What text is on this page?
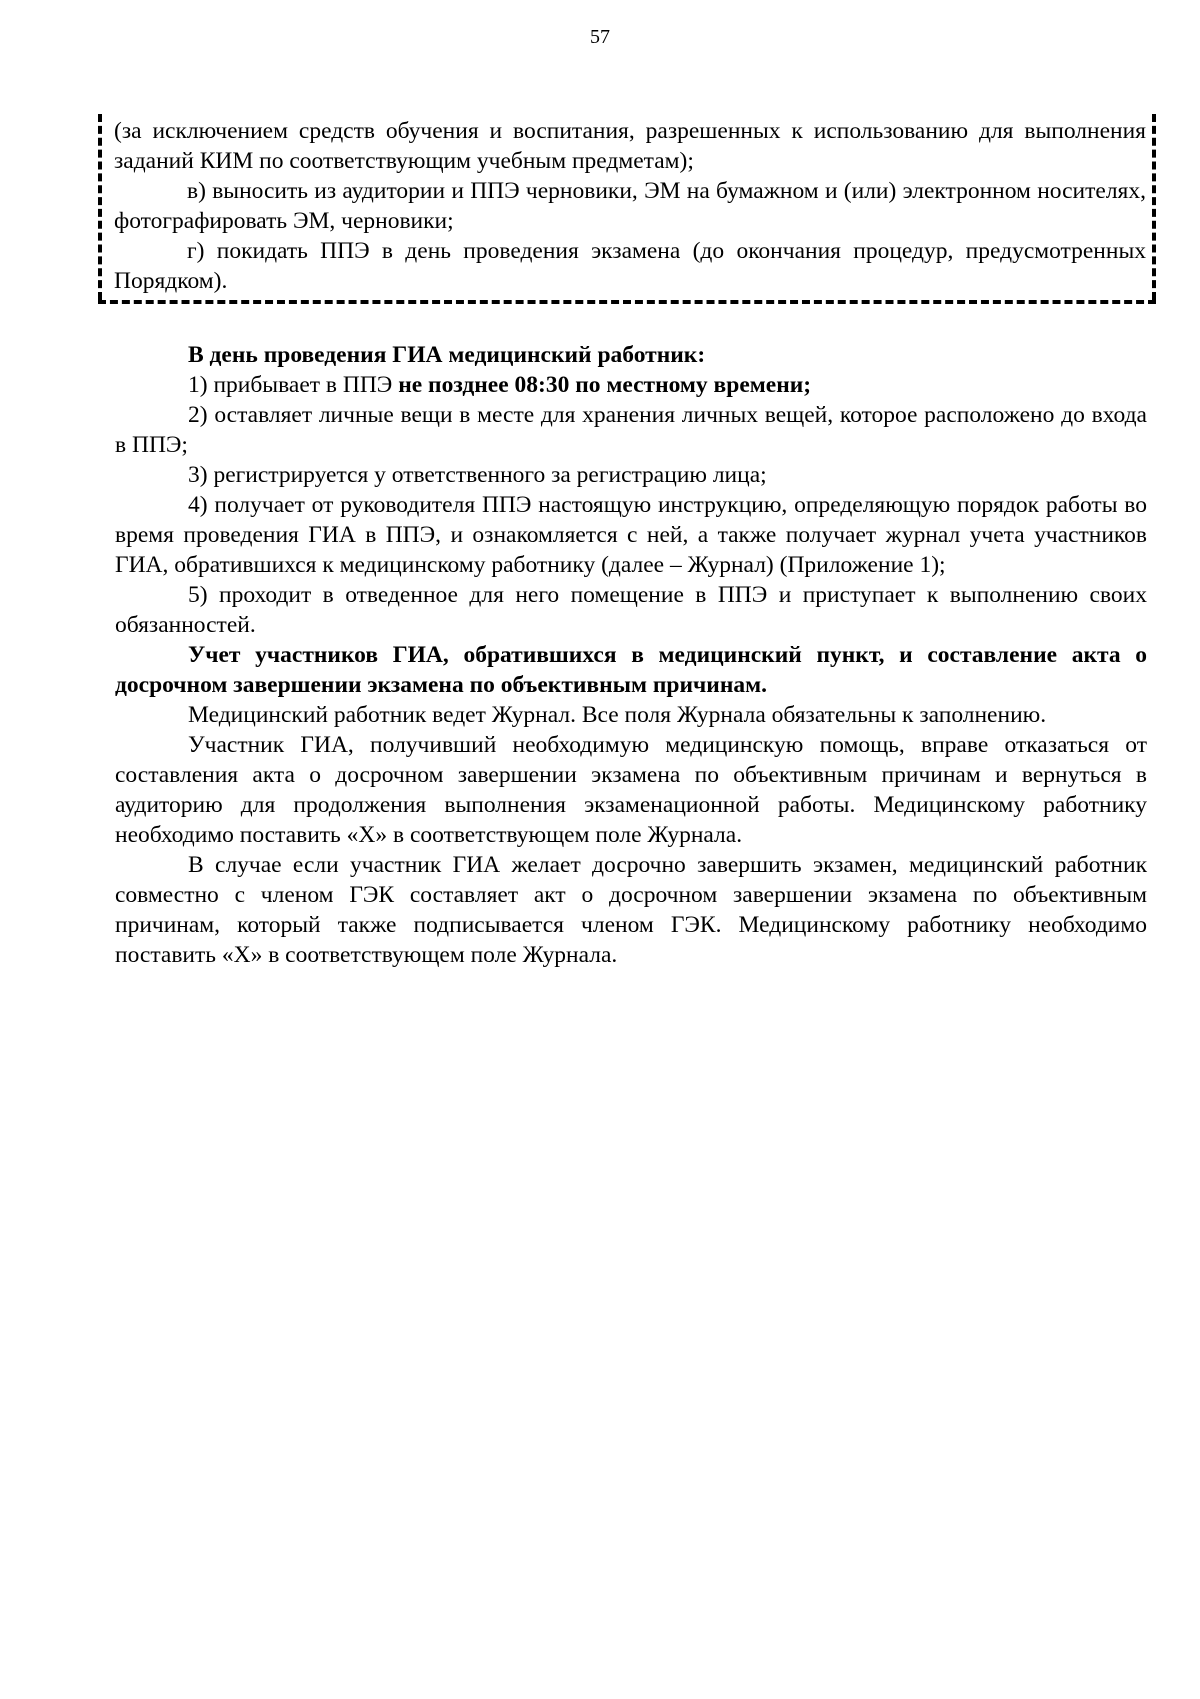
57

(за исключением средств обучения и воспитания, разрешенных к использованию для выполнения заданий КИМ по соответствующим учебным предметам);

в) выносить из аудитории и ППЭ черновики, ЭМ на бумажном и (или) электронном носителях, фотографировать ЭМ, черновики;

г) покидать ППЭ в день проведения экзамена (до окончания процедур, предусмотренных Порядком).

В день проведения ГИА медицинский работник:

1) прибывает в ППЭ не позднее 08:30 по местному времени;

2) оставляет личные вещи в месте для хранения личных вещей, которое расположено до входа в ППЭ;

3) регистрируется у ответственного за регистрацию лица;

4) получает от руководителя ППЭ настоящую инструкцию, определяющую порядок работы во время проведения ГИА в ППЭ, и ознакомляется с ней, а также получает журнал учета участников ГИА, обратившихся к медицинскому работнику (далее – Журнал) (Приложение 1);

5) проходит в отведенное для него помещение в ППЭ и приступает к выполнению своих обязанностей.

Учет участников ГИА, обратившихся в медицинский пункт, и составление акта о досрочном завершении экзамена по объективным причинам.

Медицинский работник ведет Журнал. Все поля Журнала обязательны к заполнению.

Участник ГИА, получивший необходимую медицинскую помощь, вправе отказаться от составления акта о досрочном завершении экзамена по объективным причинам и вернуться в аудиторию для продолжения выполнения экзаменационной работы. Медицинскому работнику необходимо поставить «Х» в соответствующем поле Журнала.

В случае если участник ГИА желает досрочно завершить экзамен, медицинский работник совместно с членом ГЭК составляет акт о досрочном завершении экзамена по объективным причинам, который также подписывается членом ГЭК. Медицинскому работнику необходимо поставить «Х» в соответствующем поле Журнала.
